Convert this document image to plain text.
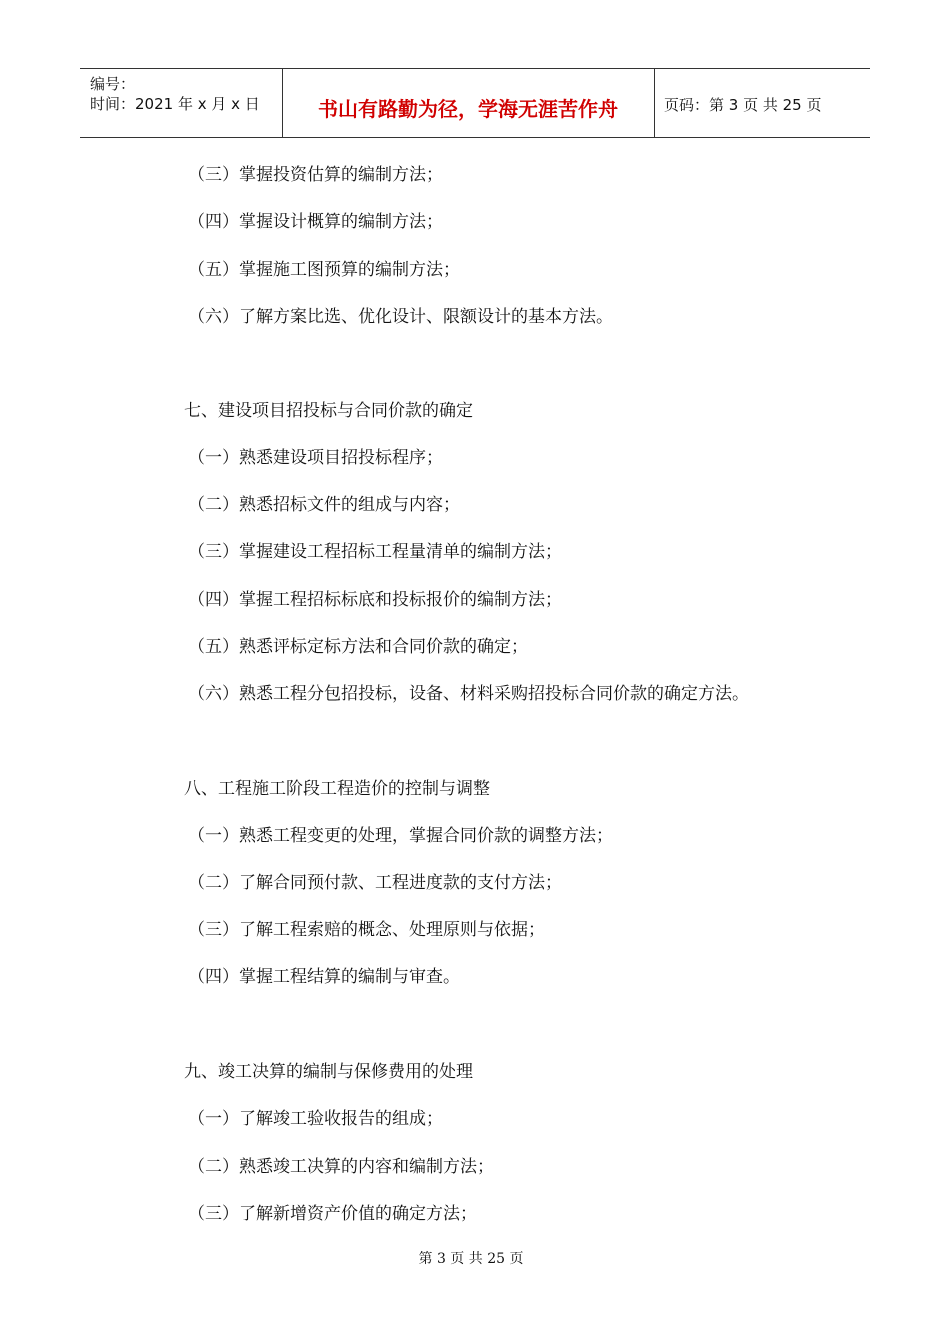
编号：
时间：2021 年 x 月 x 日	书山有路勤为径，学海无涯苦作舟	页码：第 3 页 共 25 页
（三）掌握投资估算的编制方法；
（四）掌握设计概算的编制方法；
（五）掌握施工图预算的编制方法；
（六）了解方案比选、优化设计、限额设计的基本方法。
七、建设项目招投标与合同价款的确定
（一）熟悉建设项目招投标程序；
（二）熟悉招标文件的组成与内容；
（三）掌握建设工程招标工程量清单的编制方法；
（四）掌握工程招标标底和投标报价的编制方法；
（五）熟悉评标定标方法和合同价款的确定；
（六）熟悉工程分包招投标，设备、材料采购招投标合同价款的确定方法。
八、工程施工阶段工程造价的控制与调整
（一）熟悉工程变更的处理，掌握合同价款的调整方法；
（二）了解合同预付款、工程进度款的支付方法；
（三）了解工程索赔的概念、处理原则与依据；
（四）掌握工程结算的编制与审查。
九、竣工决算的编制与保修费用的处理
（一）了解竣工验收报告的组成；
（二）熟悉竣工决算的内容和编制方法；
（三）了解新增资产价值的确定方法；
第 3 页 共 25 页
